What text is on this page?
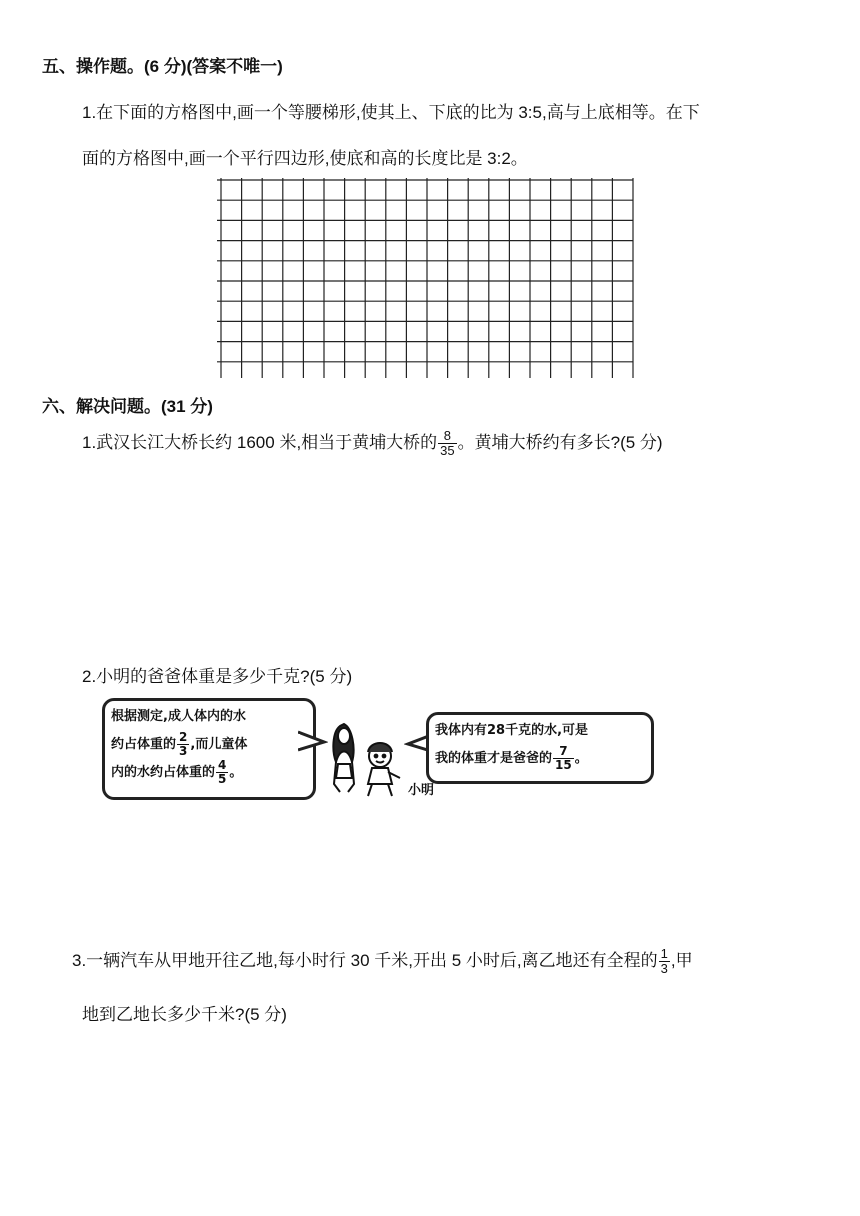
五、操作题。(6 分)(答案不唯一)
1.在下面的方格图中,画一个等腰梯形,使其上、下底的比为 3:5,高与上底相等。在下
面的方格图中,画一个平行四边形,使底和高的长度比是 3:2。
六、解决问题。(31 分)
1.武汉长江大桥长约 1600 米,相当于黄埔大桥的 $\frac{8}{35}$ 。黄埔大桥约有多长?(5 分)
2.小明的爸爸体重是多少千克?(5 分)
根据测定,成人体内的水
约占体重的 $\frac{2}{3}$ ,而儿童体
内的水约占体重的 $\frac{4}{5}$ 。
小明
我体内有28千克的水,可是
我的体重才是爸爸的 $\frac{7}{15}$ 。
3.一辆汽车从甲地开往乙地,每小时行 30 千米,开出 5 小时后,离乙地还有全程的 $\frac{1}{3}$ ,甲
地到乙地长多少千米?(5 分)
